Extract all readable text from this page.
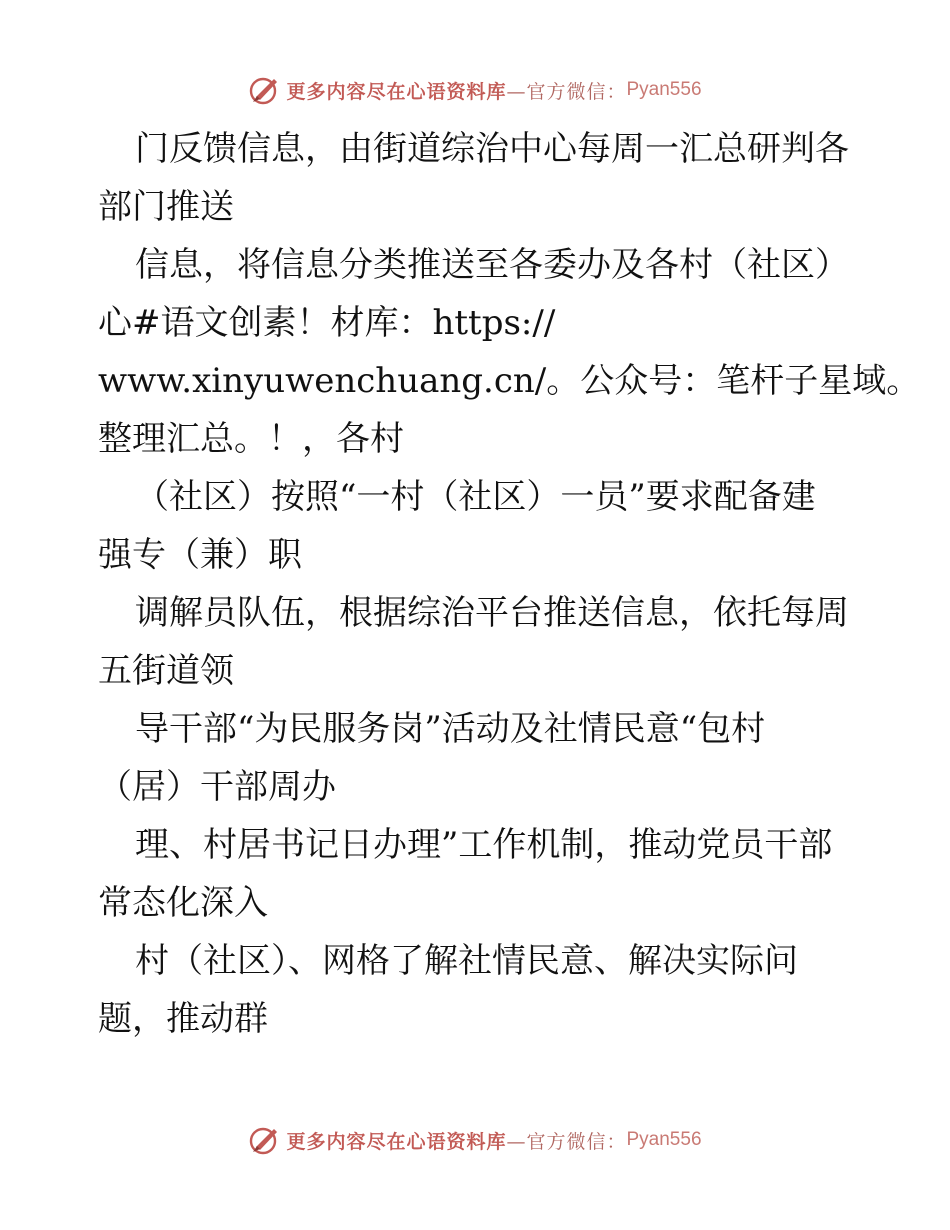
更多内容尽在心语资料库 —官方微信： Pyan556
门反馈信息，由街道综治中心每周一汇总研判各
部门推送
信息，将信息分类推送至各委办及各村（社区）
心#语文创素！材库：https://
www.xinyuwenchuang.cn/。公众号：笔杆子星域。
整理汇总。！，各村
（社区）按照“一村（社区）一员”要求配备建
强专（兼）职
调解员队伍，根据综治平台推送信息，依托每周
五街道领
导干部“为民服务岗”活动及社情民意“包村
（居）干部周办
理、村居书记日办理”工作机制，推动党员干部
常态化深入
村（社区）、网格了解社情民意、解决实际问
题，推动群
更多内容尽在心语资料库 —官方微信： Pyan556
